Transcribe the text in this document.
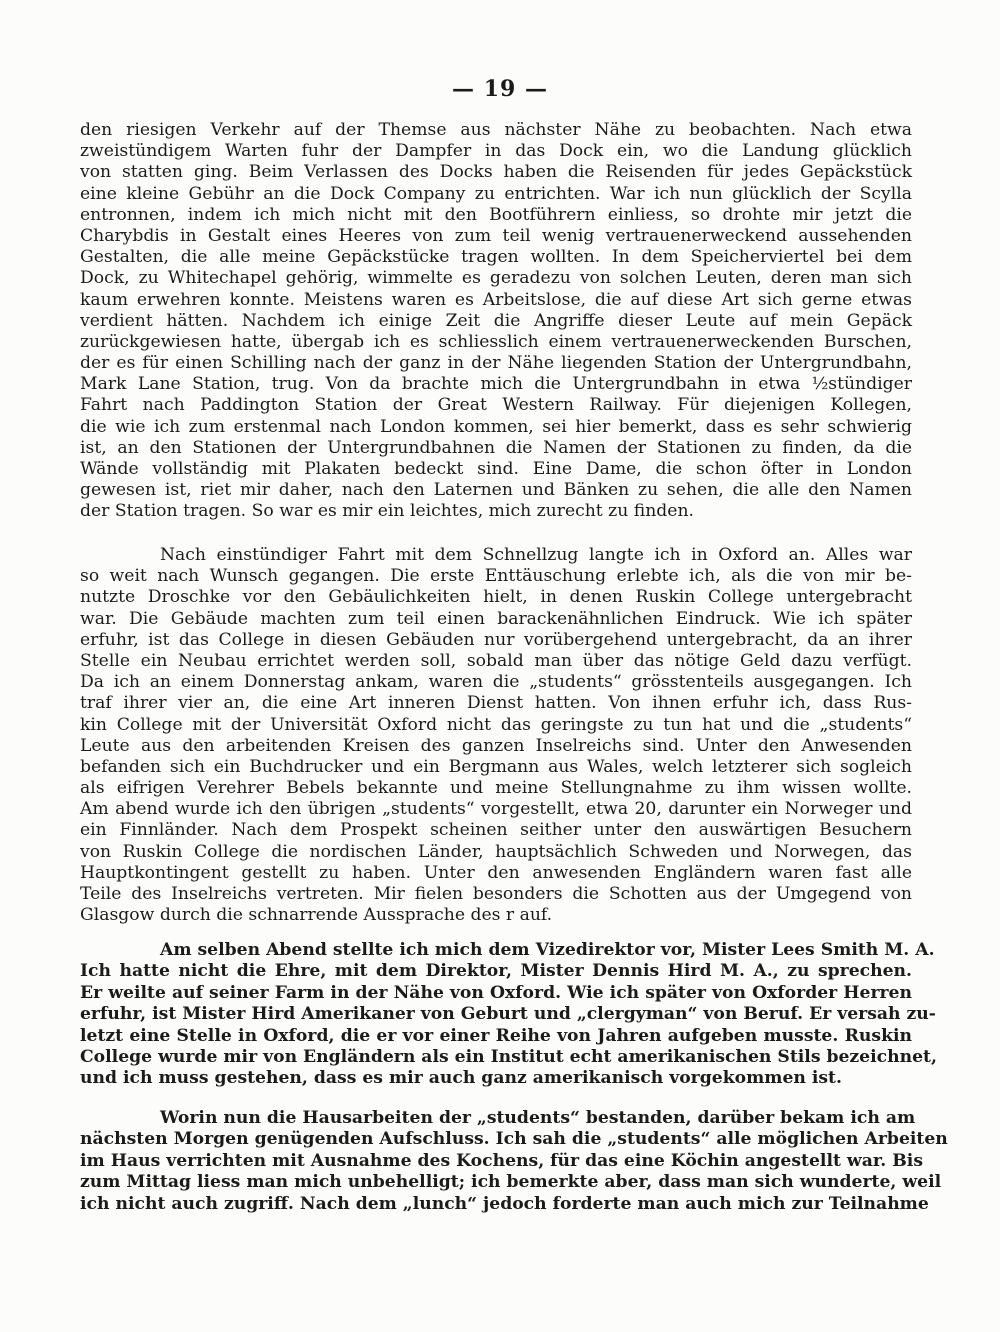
— 19 —
den riesigen Verkehr auf der Themse aus nächster Nähe zu beobachten. Nach etwa
zweistündigem Warten fuhr der Dampfer in das Dock ein, wo die Landung glücklich
von statten ging. Beim Verlassen des Docks haben die Reisenden für jedes Gepäckstück
eine kleine Gebühr an die Dock Company zu entrichten. War ich nun glücklich der Scylla
entronnen, indem ich mich nicht mit den Bootführern einliess, so drohte mir jetzt die
Charybdis in Gestalt eines Heeres von zum teil wenig vertrauenerweckend aussehenden
Gestalten, die alle meine Gepäckstücke tragen wollten. In dem Speicherviertel bei dem
Dock, zu Whitechapel gehörig, wimmelte es geradezu von solchen Leuten, deren man sich
kaum erwehren konnte. Meistens waren es Arbeitslose, die auf diese Art sich gerne etwas
verdient hätten. Nachdem ich einige Zeit die Angriffe dieser Leute auf mein Gepäck
zurückgewiesen hatte, übergab ich es schliesslich einem vertrauenerweckenden Burschen,
der es für einen Schilling nach der ganz in der Nähe liegenden Station der Untergrundbahn,
Mark Lane Station, trug. Von da brachte mich die Untergrundbahn in etwa ½stündiger
Fahrt nach Paddington Station der Great Western Railway. Für diejenigen Kollegen,
die wie ich zum erstenmal nach London kommen, sei hier bemerkt, dass es sehr schwierig
ist, an den Stationen der Untergrundbahnen die Namen der Stationen zu finden, da die
Wände vollständig mit Plakaten bedeckt sind. Eine Dame, die schon öfter in London
gewesen ist, riet mir daher, nach den Laternen und Bänken zu sehen, die alle den Namen
der Station tragen. So war es mir ein leichtes, mich zurecht zu finden.
Nach einstündiger Fahrt mit dem Schnellzug langte ich in Oxford an. Alles war
so weit nach Wunsch gegangen. Die erste Enttäuschung erlebte ich, als die von mir be-
nutzte Droschke vor den Gebäulichkeiten hielt, in denen Ruskin College untergebracht
war. Die Gebäude machten zum teil einen barackenähnlichen Eindruck. Wie ich später
erfuhr, ist das College in diesen Gebäuden nur vorübergehend untergebracht, da an ihrer
Stelle ein Neubau errichtet werden soll, sobald man über das nötige Geld dazu verfügt.
Da ich an einem Donnerstag ankam, waren die „students“ grösstenteils ausgegangen. Ich
traf ihrer vier an, die eine Art inneren Dienst hatten. Von ihnen erfuhr ich, dass Rus-
kin College mit der Universität Oxford nicht das geringste zu tun hat und die „students“
Leute aus den arbeitenden Kreisen des ganzen Inselreichs sind. Unter den Anwesenden
befanden sich ein Buchdrucker und ein Bergmann aus Wales, welch letzterer sich sogleich
als eifrigen Verehrer Bebels bekannte und meine Stellungnahme zu ihm wissen wollte.
Am abend wurde ich den übrigen „students“ vorgestellt, etwa 20, darunter ein Norweger und
ein Finnländer. Nach dem Prospekt scheinen seither unter den auswärtigen Besuchern
von Ruskin College die nordischen Länder, hauptsächlich Schweden und Norwegen, das
Hauptkontingent gestellt zu haben. Unter den anwesenden Engländern waren fast alle
Teile des Inselreichs vertreten. Mir fielen besonders die Schotten aus der Umgegend von
Glasgow durch die schnarrende Aussprache des r auf.
Am selben Abend stellte ich mich dem Vizedirektor vor, Mister Lees Smith M. A.
Ich hatte nicht die Ehre, mit dem Direktor, Mister Dennis Hird M. A., zu sprechen.
Er weilte auf seiner Farm in der Nähe von Oxford. Wie ich später von Oxforder Herren
erfuhr, ist Mister Hird Amerikaner von Geburt und „clergyman“ von Beruf. Er versah zu-
letzt eine Stelle in Oxford, die er vor einer Reihe von Jahren aufgeben musste. Ruskin
College wurde mir von Engländern als ein Institut echt amerikanischen Stils bezeichnet,
und ich muss gestehen, dass es mir auch ganz amerikanisch vorgekommen ist.
Worin nun die Hausarbeiten der „students“ bestanden, darüber bekam ich am
nächsten Morgen genügenden Aufschluss. Ich sah die „students“ alle möglichen Arbeiten
im Haus verrichten mit Ausnahme des Kochens, für das eine Köchin angestellt war. Bis
zum Mittag liess man mich unbehelligt; ich bemerkte aber, dass man sich wunderte, weil
ich nicht auch zugriff. Nach dem „lunch“ jedoch forderte man auch mich zur Teilnahme
